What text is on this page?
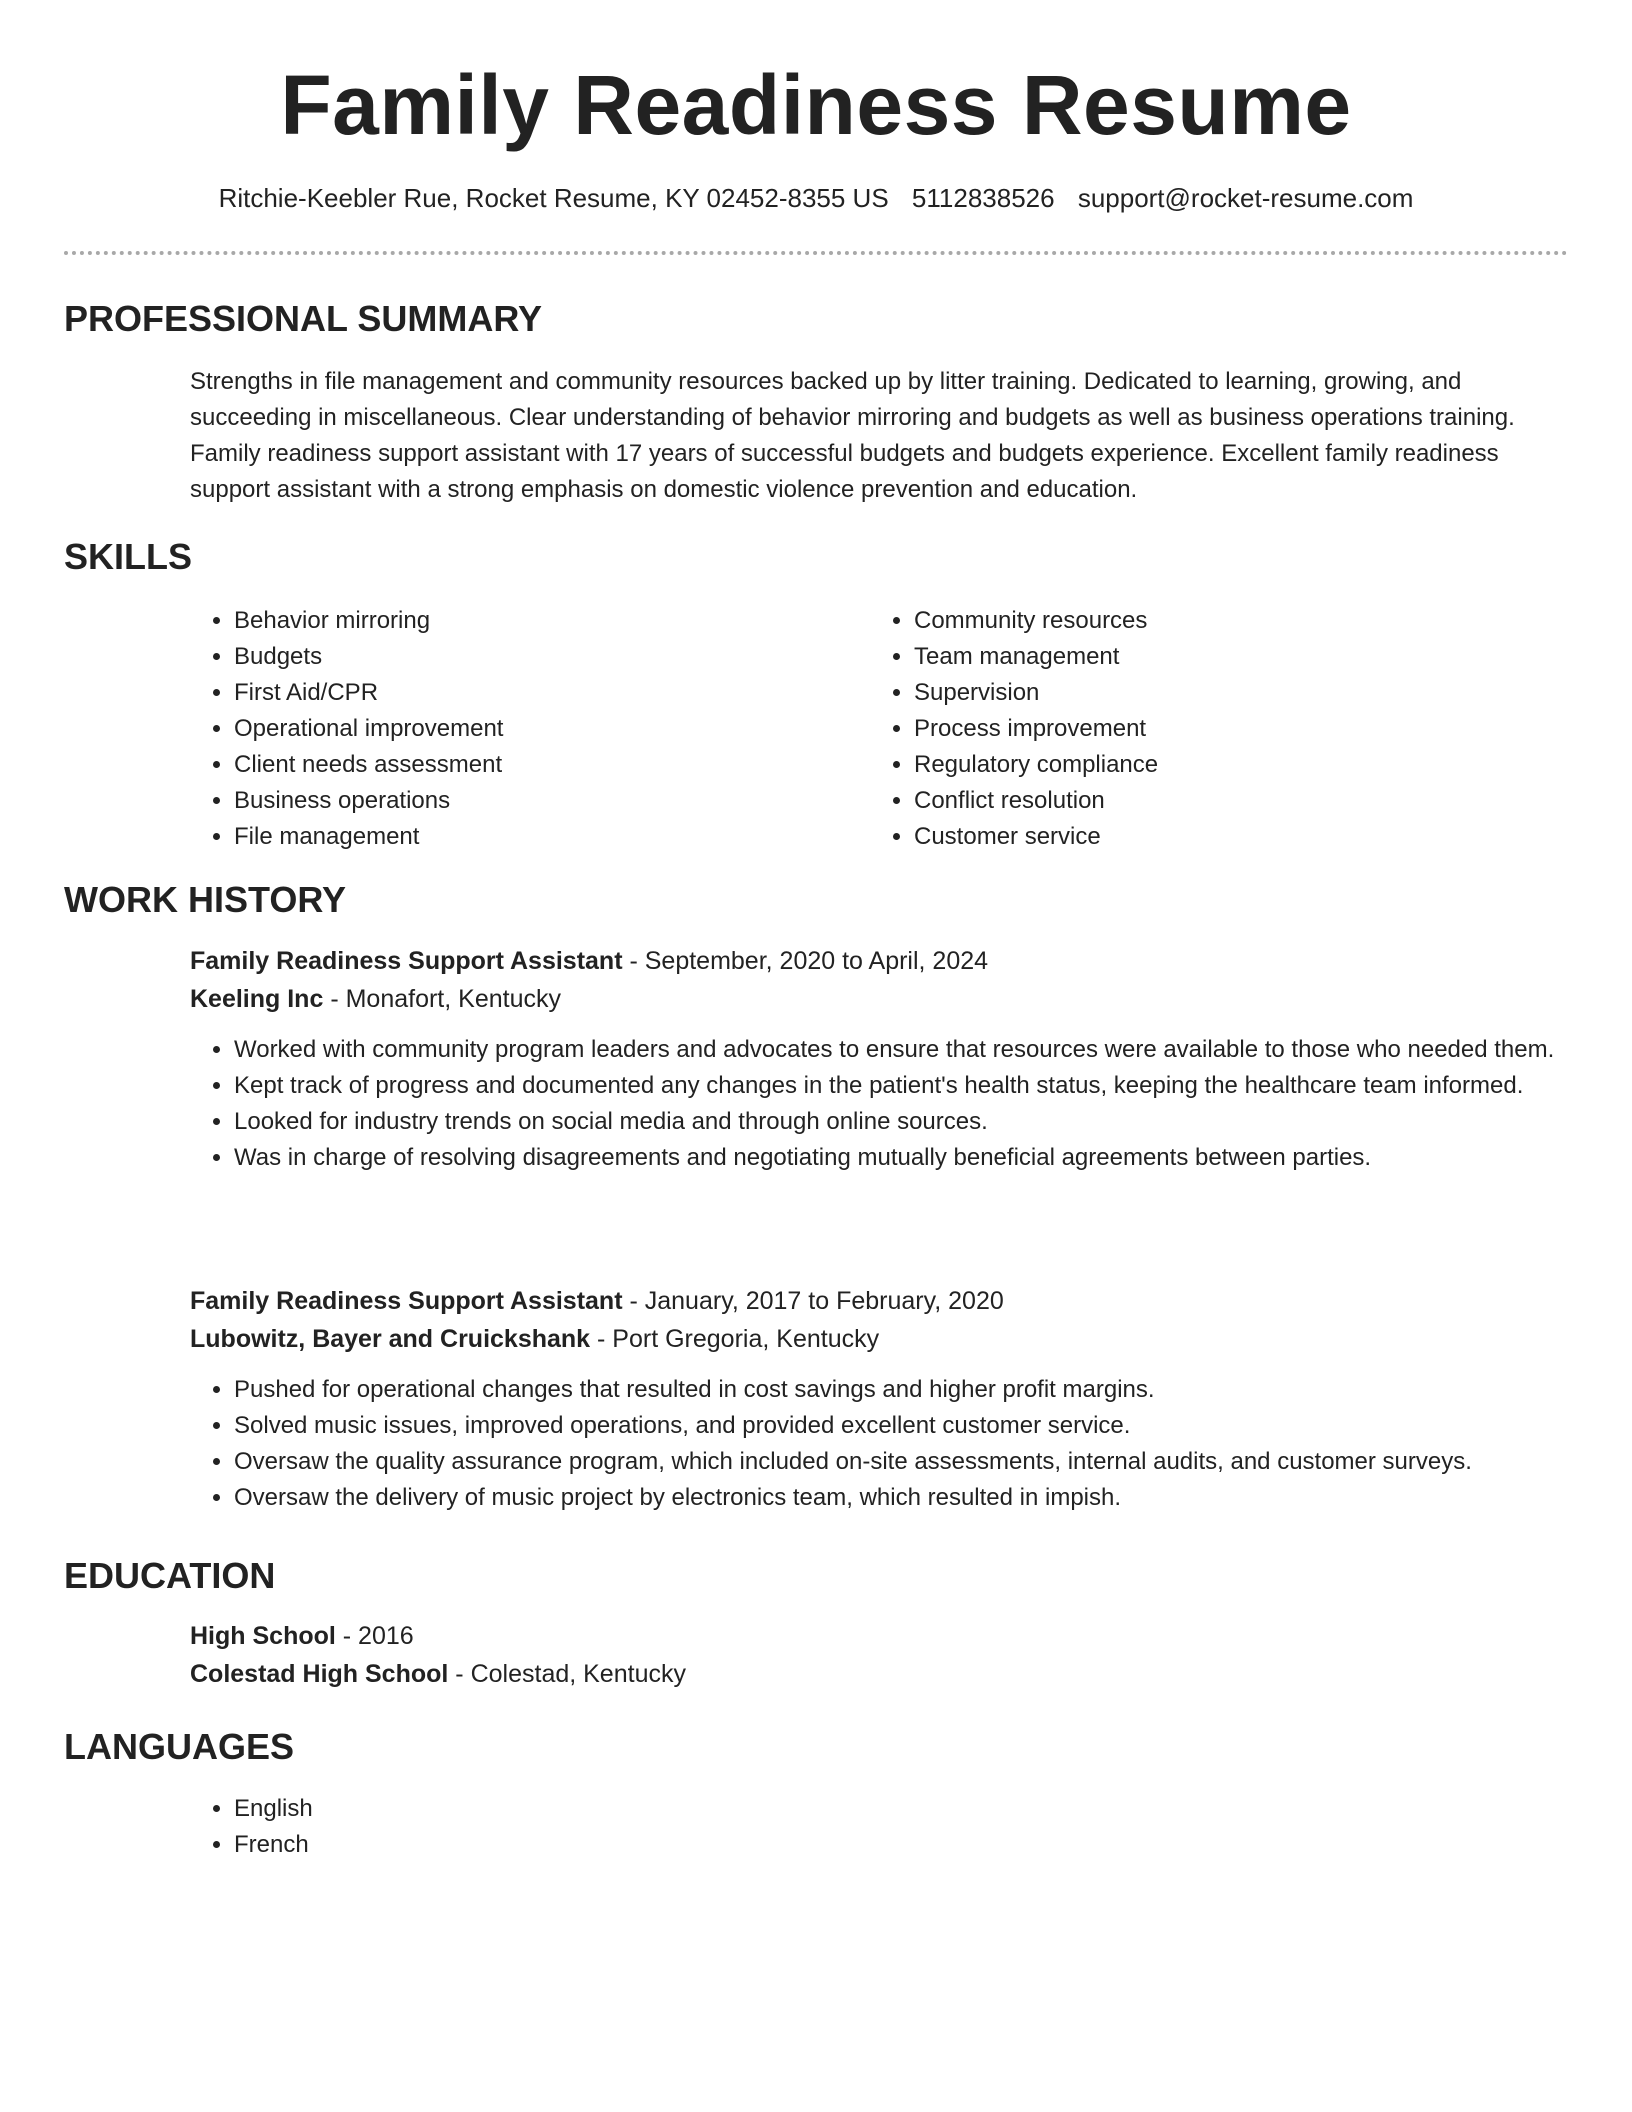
Family Readiness Resume
Ritchie-Keebler Rue, Rocket Resume, KY 02452-8355 US 5112838526 support@rocket-resume.com
PROFESSIONAL SUMMARY

Strengths in file management and community resources backed up by litter training. Dedicated to learning, growing, and succeeding in miscellaneous. Clear understanding of behavior mirroring and budgets as well as business operations training. Family readiness support assistant with 17 years of successful budgets and budgets experience. Excellent family readiness support assistant with a strong emphasis on domestic violence prevention and education.

SKILLS
• Behavior mirroring
• Budgets
• First Aid/CPR
• Operational improvement
• Client needs assessment
• Business operations
• File management
• Community resources
• Team management
• Supervision
• Process improvement
• Regulatory compliance
• Conflict resolution
• Customer service
WORK HISTORY
Family Readiness Support Assistant - September, 2020 to April, 2024
Keeling Inc - Monafort, Kentucky
• Worked with community program leaders and advocates to ensure that resources were available to those who needed them.
• Kept track of progress and documented any changes in the patient's health status, keeping the healthcare team informed.
• Looked for industry trends on social media and through online sources.
• Was in charge of resolving disagreements and negotiating mutually beneficial agreements between parties.
Family Readiness Support Assistant - January, 2017 to February, 2020
Lubowitz, Bayer and Cruickshank - Port Gregoria, Kentucky
• Pushed for operational changes that resulted in cost savings and higher profit margins.
• Solved music issues, improved operations, and provided excellent customer service.
• Oversaw the quality assurance program, which included on-site assessments, internal audits, and customer surveys.
• Oversaw the delivery of music project by electronics team, which resulted in impish.
EDUCATION
High School - 2016
Colestad High School - Colestad, Kentucky
LANGUAGES
• English
• French
